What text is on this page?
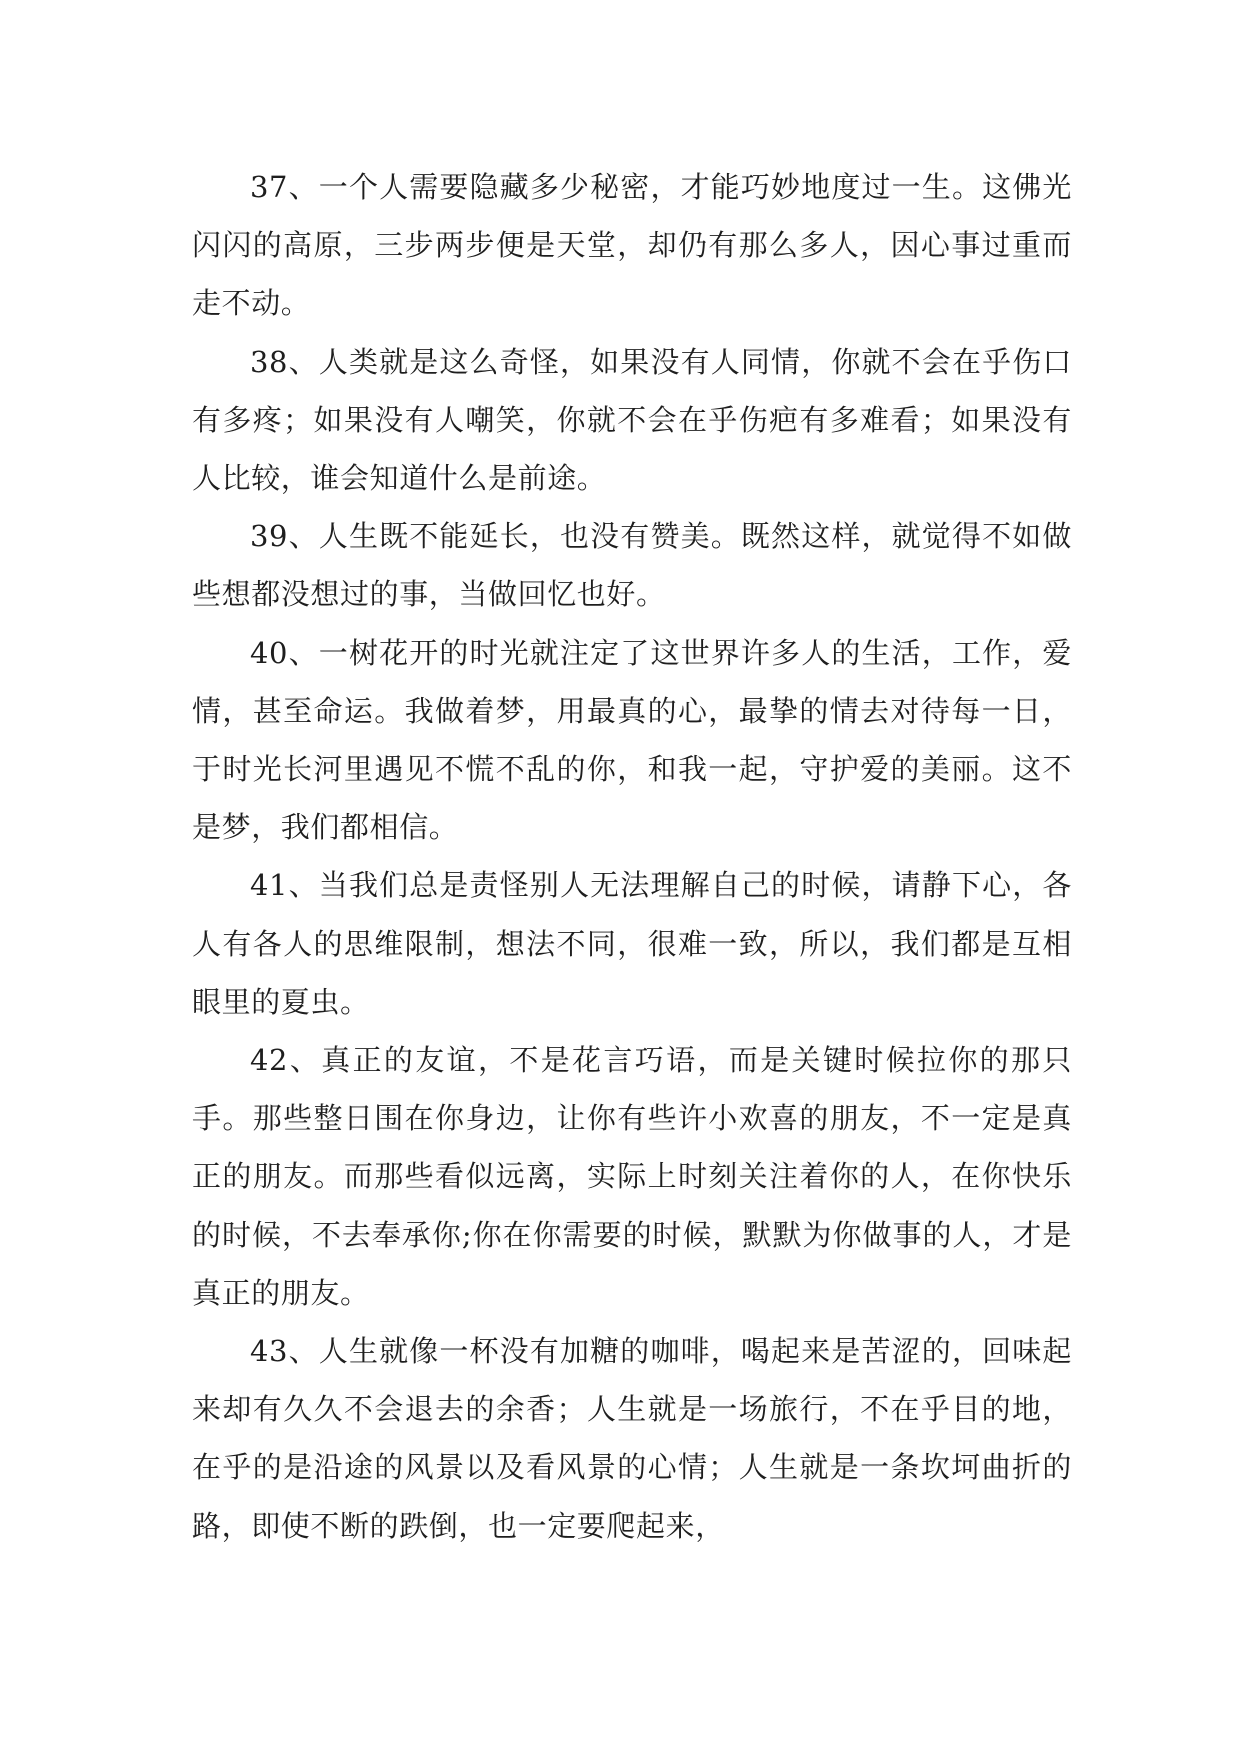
37、一个人需要隐藏多少秘密，才能巧妙地度过一生。这佛光闪闪的高原，三步两步便是天堂，却仍有那么多人，因心事过重而走不动。

38、人类就是这么奇怪，如果没有人同情，你就不会在乎伤口有多疼；如果没有人嘲笑，你就不会在乎伤疤有多难看；如果没有人比较，谁会知道什么是前途。

39、人生既不能延长，也没有赞美。既然这样，就觉得不如做些想都没想过的事，当做回忆也好。

40、一树花开的时光就注定了这世界许多人的生活，工作，爱情，甚至命运。我做着梦，用最真的心，最挚的情去对待每一日，于时光长河里遇见不慌不乱的你，和我一起，守护爱的美丽。这不是梦，我们都相信。

41、当我们总是责怪别人无法理解自己的时候，请静下心，各人有各人的思维限制，想法不同，很难一致，所以，我们都是互相眼里的夏虫。

42、真正的友谊，不是花言巧语，而是关键时候拉你的那只手。那些整日围在你身边，让你有些许小欢喜的朋友，不一定是真正的朋友。而那些看似远离，实际上时刻关注着你的人，在你快乐的时候，不去奉承你;你在你需要的时候，默默为你做事的人，才是真正的朋友。

43、人生就像一杯没有加糖的咖啡，喝起来是苦涩的，回味起来却有久久不会退去的余香；人生就是一场旅行，不在乎目的地，在乎的是沿途的风景以及看风景的心情；人生就是一条坎坷曲折的路，即使不断的跌倒，也一定要爬起来，
